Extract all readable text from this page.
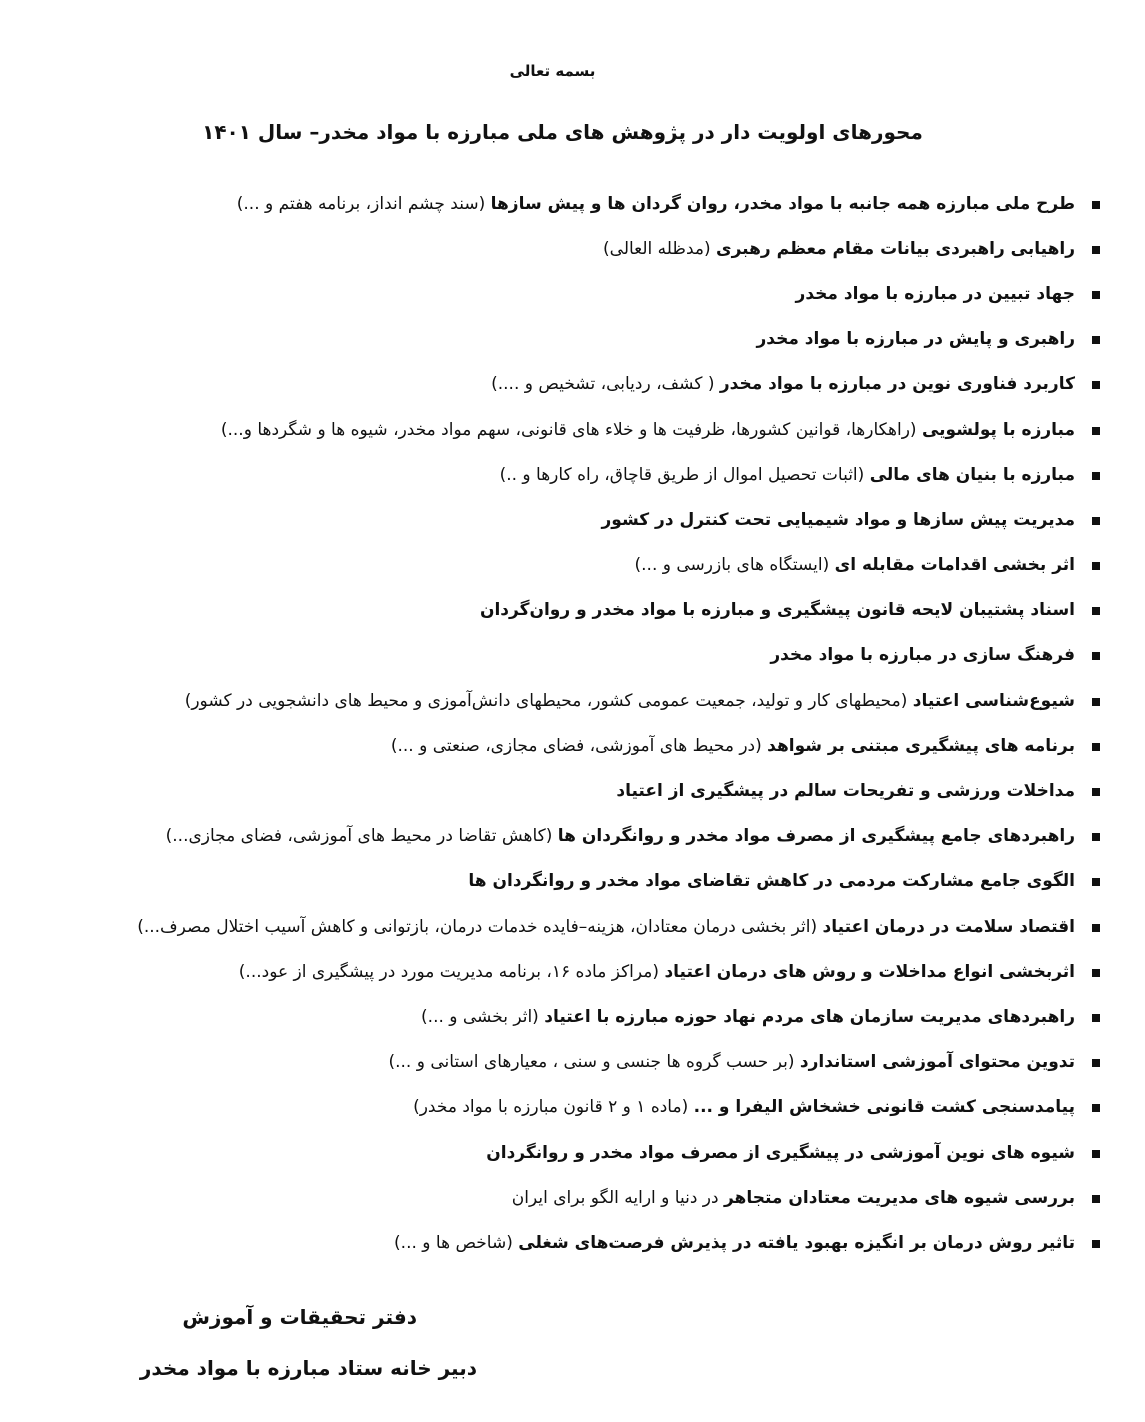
بسمه تعالی
محورهای اولویت دار در پژوهش های ملی مبارزه با مواد مخدر– سال ۱۴۰۱
طرح ملی مبارزه همه جانبه با مواد مخدر، روان گردان ها و پیش سازها (سند چشم انداز، برنامه هفتم و ...)
راهیابی راهبردی بیانات مقام معظم رهبری (مدظله العالی)
جهاد تبیین در مبارزه با مواد مخدر
راهبری و پایش در مبارزه با مواد مخدر
کاربرد فناوری نوین در مبارزه با مواد مخدر ( کشف، ردیابی، تشخیص و ....)
مبارزه با پولشویی (راهکارها، قوانین کشورها، ظرفیت ها و خلاء های قانونی، سهم مواد مخدر، شیوه ها و شگردها و...)
مبارزه با بنیان های مالی (اثبات تحصیل اموال از طریق قاچاق، راه کارها و ..)
مدیریت پیش سازها و مواد شیمیایی تحت کنترل در کشور
اثر بخشی اقدامات مقابله ای (ایستگاه های بازرسی و ...)
اسناد پشتیبان لایحه قانون پیشگیری و مبارزه با مواد مخدر و روان‌گردان
فرهنگ سازی در مبارزه با مواد مخدر
شیوع‌شناسی اعتیاد (محیطهای کار و تولید، جمعیت عمومی کشور، محیطهای دانش‌آموزی و محیط های دانشجویی در کشور)
برنامه های پیشگیری مبتنی بر شواهد (در محیط های آموزشی، فضای مجازی، صنعتی و ...)
مداخلات ورزشی و تفریحات سالم در پیشگیری از اعتیاد
راهبردهای جامع پیشگیری از مصرف مواد مخدر و روانگردان ها (کاهش تقاضا در محیط های آموزشی، فضای مجازی...)
الگوی جامع مشارکت مردمی در کاهش تقاضای مواد مخدر و روانگردان ها
اقتصاد سلامت در درمان اعتیاد (اثر بخشی درمان معتادان، هزینه–فایده خدمات درمان، بازتوانی و کاهش آسیب اختلال مصرف...)
اثربخشی انواع مداخلات و روش های درمان اعتیاد (مراکز ماده ۱۶، برنامه مدیریت مورد در پیشگیری از عود...)
راهبردهای مدیریت سازمان های مردم نهاد حوزه مبارزه با اعتیاد (اثر بخشی و ...)
تدوین محتوای آموزشی استاندارد (بر حسب گروه ها جنسی و سنی ، معیارهای استانی و ...)
پیامدسنجی کشت قانونی خشخاش الیفرا و ... (ماده ۱ و ۲ قانون مبارزه با مواد مخدر)
شیوه های نوین آموزشی در پیشگیری از مصرف مواد مخدر و روانگردان
بررسی شیوه های مدیریت معتادان متجاهر در دنیا و ارایه الگو برای ایران
تاثیر روش درمان بر انگیزه بهبود یافته در پذیرش فرصت‌های شغلی (شاخص ها و ...)
دفتر تحقیقات و آموزش
دبیر خانه ستاد مبارزه با مواد مخدر
